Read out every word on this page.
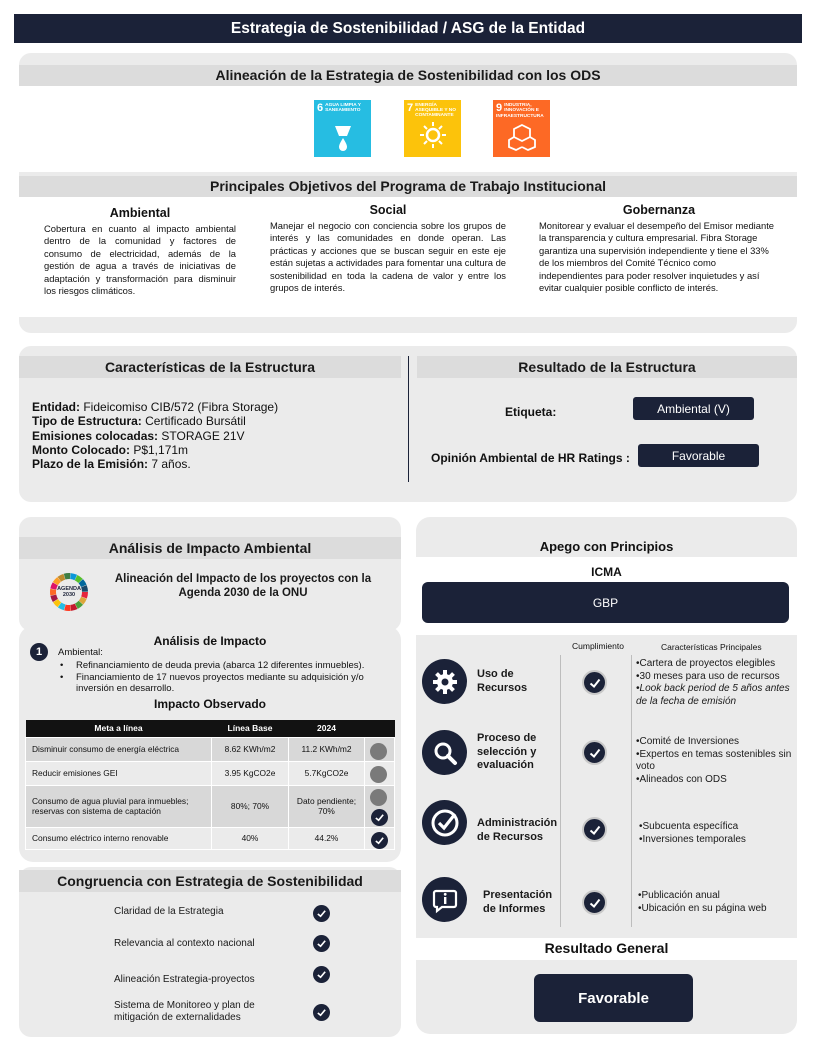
Estrategia de Sostenibilidad / ASG de la Entidad
Alineación de la Estrategia de Sostenibilidad con los ODS
6 AGUA LIMPIA Y SANEAMIENTO	7 ENERGÍA ASEQUIBLE Y NO CONTAMINANTE
9 INDUSTRIA, INNOVACIÓN E INFRAESTRUCTURA
Principales Objetivos del Programa de Trabajo Institucional
Ambiental

Cobertura en cuanto al impacto ambiental dentro de la comunidad y factores de consumo de electricidad, además de la gestión de agua a través de iniciativas de adaptación y transformación para disminuir los riesgos climáticos.

Social

Manejar el negocio con conciencia sobre los grupos de interés y las comunidades en donde operan. Las prácticas y acciones que se buscan seguir en este eje están sujetas a actividades para fomentar una cultura de sostenibilidad en toda la cadena de valor y entre los grupos de interés.

Gobernanza

Monitorear y evaluar el desempeño del Emisor mediante la transparencia y cultura empresarial. Fibra Storage garantiza una supervisión independiente y tiene el 33% de los miembros del Comité Técnico como independientes para poder resolver inquietudes y así evitar cualquier posible conflicto de interés.

Características de la Estructura	Resultado de la Estructura
Entidad: Fideicomiso CIB/572 (Fibra Storage)
Tipo de Estructura: Certificado Bursátil
Emisiones colocadas: STORAGE 21V
Monto Colocado: P$1,171m
Plazo de la Emisión: 7 años.
Etiqueta:	Ambiental (V)
Opinión Ambiental de HR Ratings :	Favorable
Análisis de Impacto Ambiental
AGENDA 2030
Alineación del Impacto de los proyectos con la Agenda 2030 de la ONU
Análisis de Impacto
1 Ambiental:
• Refinanciamiento de deuda previa (abarca 12 diferentes inmuebles).
• Financiamiento de 17 nuevos proyectos mediante su adquisición y/o inversión en desarrollo.
Impacto Observado
Meta a línea	Línea Base	2024	
Disminuir consumo de energía eléctrica	8.62 KWh/m2	11.2 KWh/m2	
Reducir emisiones GEI	3.95 KgCO2e	5.7KgCO2e	
Consumo de agua pluvial para inmuebles; reservas con sistema de captación	80%; 70%	Dato pendiente; 70%	
Consumo eléctrico interno renovable	40%	44.2%	
Congruencia con Estrategia de Sostenibilidad
Claridad de la Estrategia
Relevancia al contexto nacional
Alineación Estrategia-proyectos
Sistema de Monitoreo y plan de mitigación de externalidades
Apego con Principios
ICMA
GBP
Cumplimiento	Características Principales
Uso de Recursos
•Cartera de proyectos elegibles
•30 meses para uso de recursos
•Look back period de 5 años antes de la fecha de emisión
Proceso de selección y evaluación
•Comité de Inversiones
•Expertos en temas sostenibles sin voto
•Alineados con ODS
Administración de Recursos
•Subcuenta específica
•Inversiones temporales
Presentación de Informes
•Publicación anual
•Ubicación en su página web
Resultado General
Favorable
